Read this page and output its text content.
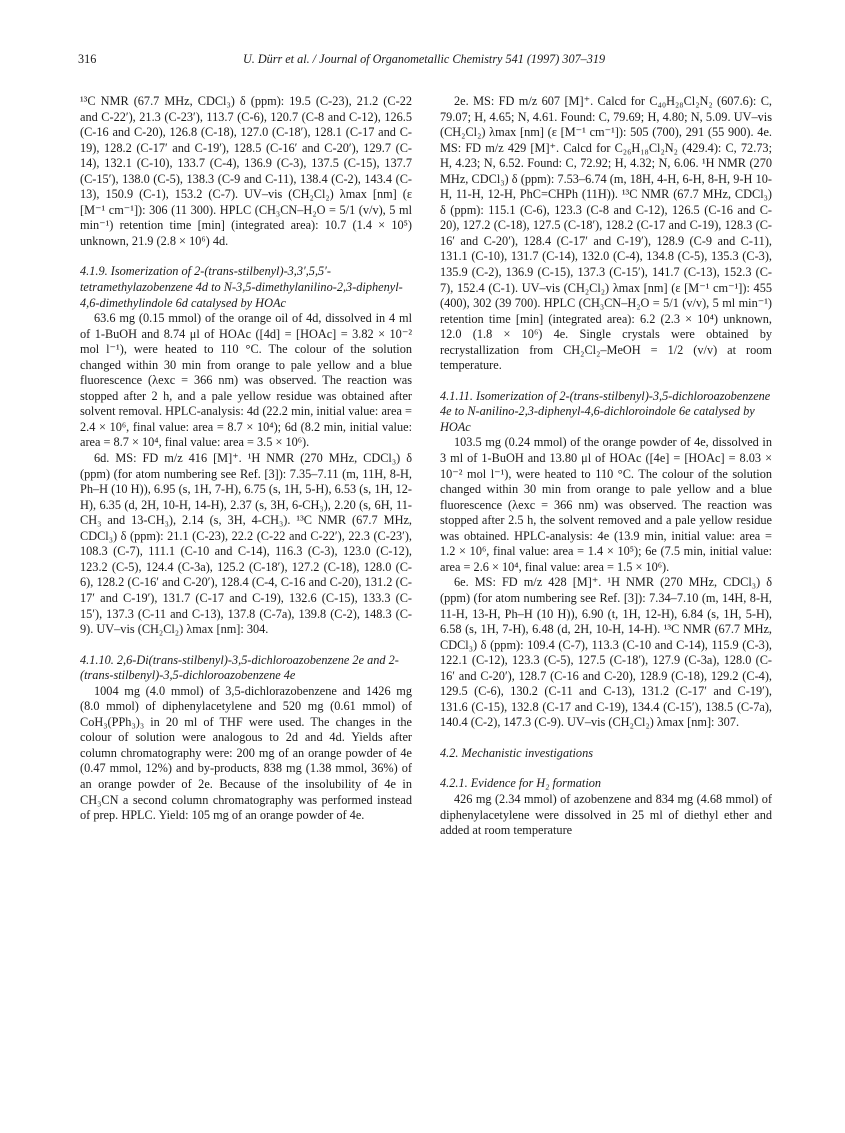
316	U. Dürr et al. / Journal of Organometallic Chemistry 541 (1997) 307–319

¹³C NMR (67.7 MHz, CDCl₃) δ (ppm): 19.5 (C-23), 21.2 (C-22 and C-22′), 21.3 (C-23′), 113.7 (C-6), 120.7 (C-8 and C-12), 126.5 (C-16 and C-20), 126.8 (C-18), 127.0 (C-18′), 128.1 (C-17 and C-19), 128.2 (C-17′ and C-19′), 128.5 (C-16′ and C-20′), 129.7 (C-14), 132.1 (C-10), 133.7 (C-4), 136.9 (C-3), 137.5 (C-15), 137.7 (C-15′), 138.0 (C-5), 138.3 (C-9 and C-11), 138.4 (C-2), 143.4 (C-13), 150.9 (C-1), 153.2 (C-7). UV–vis (CH₂Cl₂) λmax [nm] (ε [M⁻¹ cm⁻¹]): 306 (11 300). HPLC (CH₃CN–H₂O = 5/1 (v/v), 5 ml min⁻¹) retention time [min] (integrated area): 10.7 (1.4 × 10⁵) unknown, 21.9 (2.8 × 10⁶) 4d.

4.1.9. Isomerization of 2-(trans-stilbenyl)-3,3′,5,5′-tetramethylazobenzene 4d to N-3,5-dimethylanilino-2,3-diphenyl-4,6-dimethylindole 6d catalysed by HOAc

63.6 mg (0.15 mmol) of the orange oil of 4d, dissolved in 4 ml of 1-BuOH and 8.74 μl of HOAc ([4d] = [HOAc] = 3.82 × 10⁻² mol l⁻¹), were heated to 110 °C. The colour of the solution changed within 30 min from orange to pale yellow and a blue fluorescence (λexc = 366 nm) was observed. The reaction was stopped after 2 h, and a pale yellow residue was obtained after solvent removal. HPLC-analysis: 4d (22.2 min, initial value: area = 2.4 × 10⁶, final value: area = 8.7 × 10⁴); 6d (8.2 min, initial value: area = 8.7 × 10⁴, final value: area = 3.5 × 10⁶).

6d. MS: FD m/z 416 [M]⁺. ¹H NMR (270 MHz, CDCl₃) δ (ppm) (for atom numbering see Ref. [3]): 7.35–7.11 (m, 11H, 8-H, Ph–H (10 H)), 6.95 (s, 1H, 7-H), 6.75 (s, 1H, 5-H), 6.53 (s, 1H, 12-H), 6.35 (d, 2H, 10-H, 14-H), 2.37 (s, 3H, 6-CH₃), 2.20 (s, 6H, 11-CH₃ and 13-CH₃), 2.14 (s, 3H, 4-CH₃). ¹³C NMR (67.7 MHz, CDCl₃) δ (ppm): 21.1 (C-23), 22.2 (C-22 and C-22′), 22.3 (C-23′), 108.3 (C-7), 111.1 (C-10 and C-14), 116.3 (C-3), 123.0 (C-12), 123.2 (C-5), 124.4 (C-3a), 125.2 (C-18′), 127.2 (C-18), 128.0 (C-6), 128.2 (C-16′ and C-20′), 128.4 (C-4, C-16 and C-20), 131.2 (C-17′ and C-19′), 131.7 (C-17 and C-19), 132.6 (C-15), 133.3 (C-15′), 137.3 (C-11 and C-13), 137.8 (C-7a), 139.8 (C-2), 148.3 (C-9). UV–vis (CH₂Cl₂) λmax [nm]: 304.

4.1.10. 2,6-Di(trans-stilbenyl)-3,5-dichloroazobenzene 2e and 2-(trans-stilbenyl)-3,5-dichloroazobenzene 4e

1004 mg (4.0 mmol) of 3,5-dichlorazobenzene and 1426 mg (8.0 mmol) of diphenylacetylene and 520 mg (0.61 mmol) of CoH₃(PPh₃)₃ in 20 ml of THF were used. The changes in the colour of solution were analogous to 2d and 4d. Yields after column chromatography were: 200 mg of an orange powder of 4e (0.47 mmol, 12%) and by-products, 838 mg (1.38 mmol, 36%) of an orange powder of 2e. Because of the insolubility of 4e in CH₃CN a second column chromatography was performed instead of prep. HPLC. Yield: 105 mg of an orange powder of 4e.

2e. MS: FD m/z 607 [M]⁺. Calcd for C₄₀H₂₈Cl₂N₂ (607.6): C, 79.07; H, 4.65; N, 4.61. Found: C, 79.69; H, 4.80; N, 5.09. UV–vis (CH₂Cl₂) λmax [nm] (ε [M⁻¹ cm⁻¹]): 505 (700), 291 (55 900). 4e. MS: FD m/z 429 [M]⁺. Calcd for C₂₆H₁₈Cl₂N₂ (429.4): C, 72.73; H, 4.23; N, 6.52. Found: C, 72.92; H, 4.32; N, 6.06. ¹H NMR (270 MHz, CDCl₃) δ (ppm): 7.53–6.74 (m, 18H, 4-H, 6-H, 8-H, 9-H 10-H, 11-H, 12-H, PhC=CHPh (11H)). ¹³C NMR (67.7 MHz, CDCl₃) δ (ppm): 115.1 (C-6), 123.3 (C-8 and C-12), 126.5 (C-16 and C-20), 127.2 (C-18), 127.5 (C-18′), 128.2 (C-17 and C-19), 128.3 (C-16′ and C-20′), 128.4 (C-17′ and C-19′), 128.9 (C-9 and C-11), 131.1 (C-10), 131.7 (C-14), 132.0 (C-4), 134.8 (C-5), 135.3 (C-3), 135.9 (C-2), 136.9 (C-15), 137.3 (C-15′), 141.7 (C-13), 152.3 (C-7), 152.4 (C-1). UV–vis (CH₂Cl₂) λmax [nm] (ε [M⁻¹ cm⁻¹]): 455 (400), 302 (39 700). HPLC (CH₃CN–H₂O = 5/1 (v/v), 5 ml min⁻¹) retention time [min] (integrated area): 6.2 (2.3 × 10⁴) unknown, 12.0 (1.8 × 10⁶) 4e. Single crystals were obtained by recrystallization from CH₂Cl₂–MeOH = 1/2 (v/v) at room temperature.

4.1.11. Isomerization of 2-(trans-stilbenyl)-3,5-dichloroazobenzene 4e to N-anilino-2,3-diphenyl-4,6-dichloroindole 6e catalysed by HOAc

103.5 mg (0.24 mmol) of the orange powder of 4e, dissolved in 3 ml of 1-BuOH and 13.80 μl of HOAc ([4e] = [HOAc] = 8.03 × 10⁻² mol l⁻¹), were heated to 110 °C. The colour of the solution changed within 30 min from orange to pale yellow and a blue fluorescence (λexc = 366 nm) was observed. The reaction was stopped after 2.5 h, the solvent removed and a pale yellow residue was obtained. HPLC-analysis: 4e (13.9 min, initial value: area = 1.2 × 10⁶, final value: area = 1.4 × 10⁵); 6e (7.5 min, initial value: area = 2.6 × 10⁴, final value: area = 1.5 × 10⁶).

6e. MS: FD m/z 428 [M]⁺. ¹H NMR (270 MHz, CDCl₃) δ (ppm) (for atom numbering see Ref. [3]): 7.34–7.10 (m, 14H, 8-H, 11-H, 13-H, Ph–H (10 H)), 6.90 (t, 1H, 12-H), 6.84 (s, 1H, 5-H), 6.58 (s, 1H, 7-H), 6.48 (d, 2H, 10-H, 14-H). ¹³C NMR (67.7 MHz, CDCl₃) δ (ppm): 109.4 (C-7), 113.3 (C-10 and C-14), 115.9 (C-3), 122.1 (C-12), 123.3 (C-5), 127.5 (C-18′), 127.9 (C-3a), 128.0 (C-16′ and C-20′), 128.7 (C-16 and C-20), 128.9 (C-18), 129.2 (C-4), 129.5 (C-6), 130.2 (C-11 and C-13), 131.2 (C-17′ and C-19′), 131.6 (C-15), 132.8 (C-17 and C-19), 134.4 (C-15′), 138.5 (C-7a), 140.4 (C-2), 147.3 (C-9). UV–vis (CH₂Cl₂) λmax [nm]: 307.

4.2. Mechanistic investigations
4.2.1. Evidence for H₂ formation

426 mg (2.34 mmol) of azobenzene and 834 mg (4.68 mmol) of diphenylacetylene were dissolved in 25 ml of diethyl ether and added at room temperature
